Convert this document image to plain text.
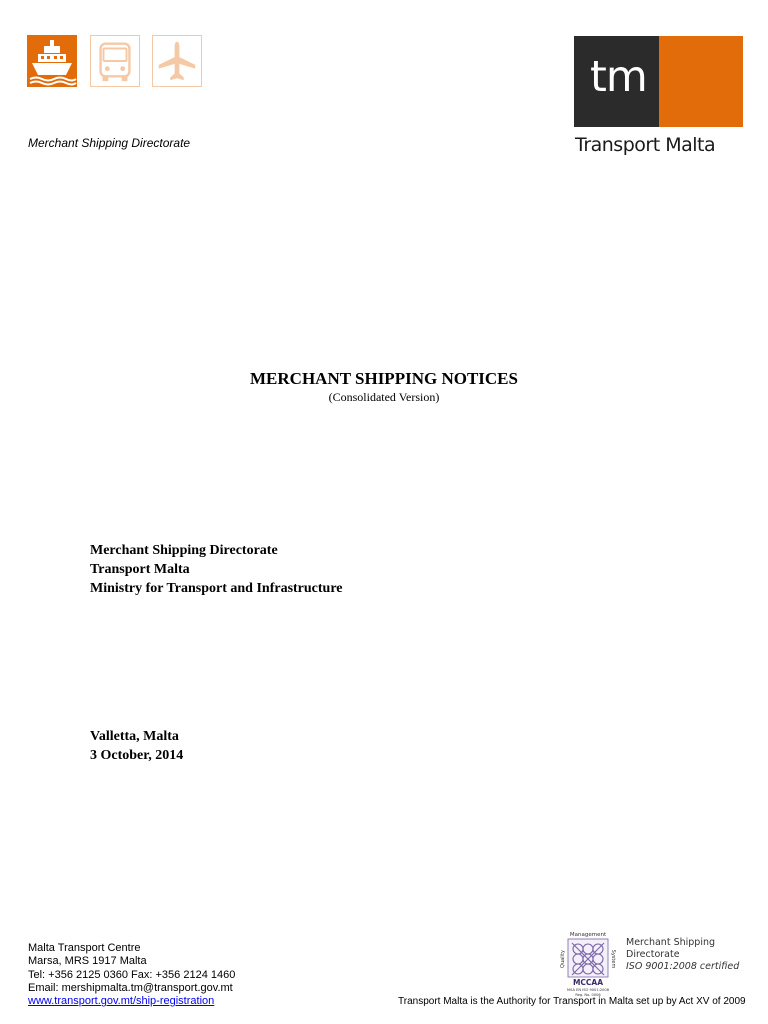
Merchant Shipping Directorate
tm
Transport Malta
MERCHANT SHIPPING NOTICES
(Consolidated Version)
Merchant Shipping Directorate
Transport Malta
Ministry for Transport and Infrastructure
Valletta, Malta
3 October, 2014
Malta Transport Centre
Marsa, MRS 1917 Malta
Tel: +356 2125 0360 Fax: +356 2124 1460
Email: mershipmalta.tm@transport.gov.mt
www.transport.gov.mt/ship-registration
Management
Quality	System
MCCAA
MSA EN ISO 9001:2008
Reg. No. 0006
Merchant Shipping Directorate
ISO 9001:2008 certified
Transport Malta is the Authority for Transport in Malta set up by Act XV of 2009
